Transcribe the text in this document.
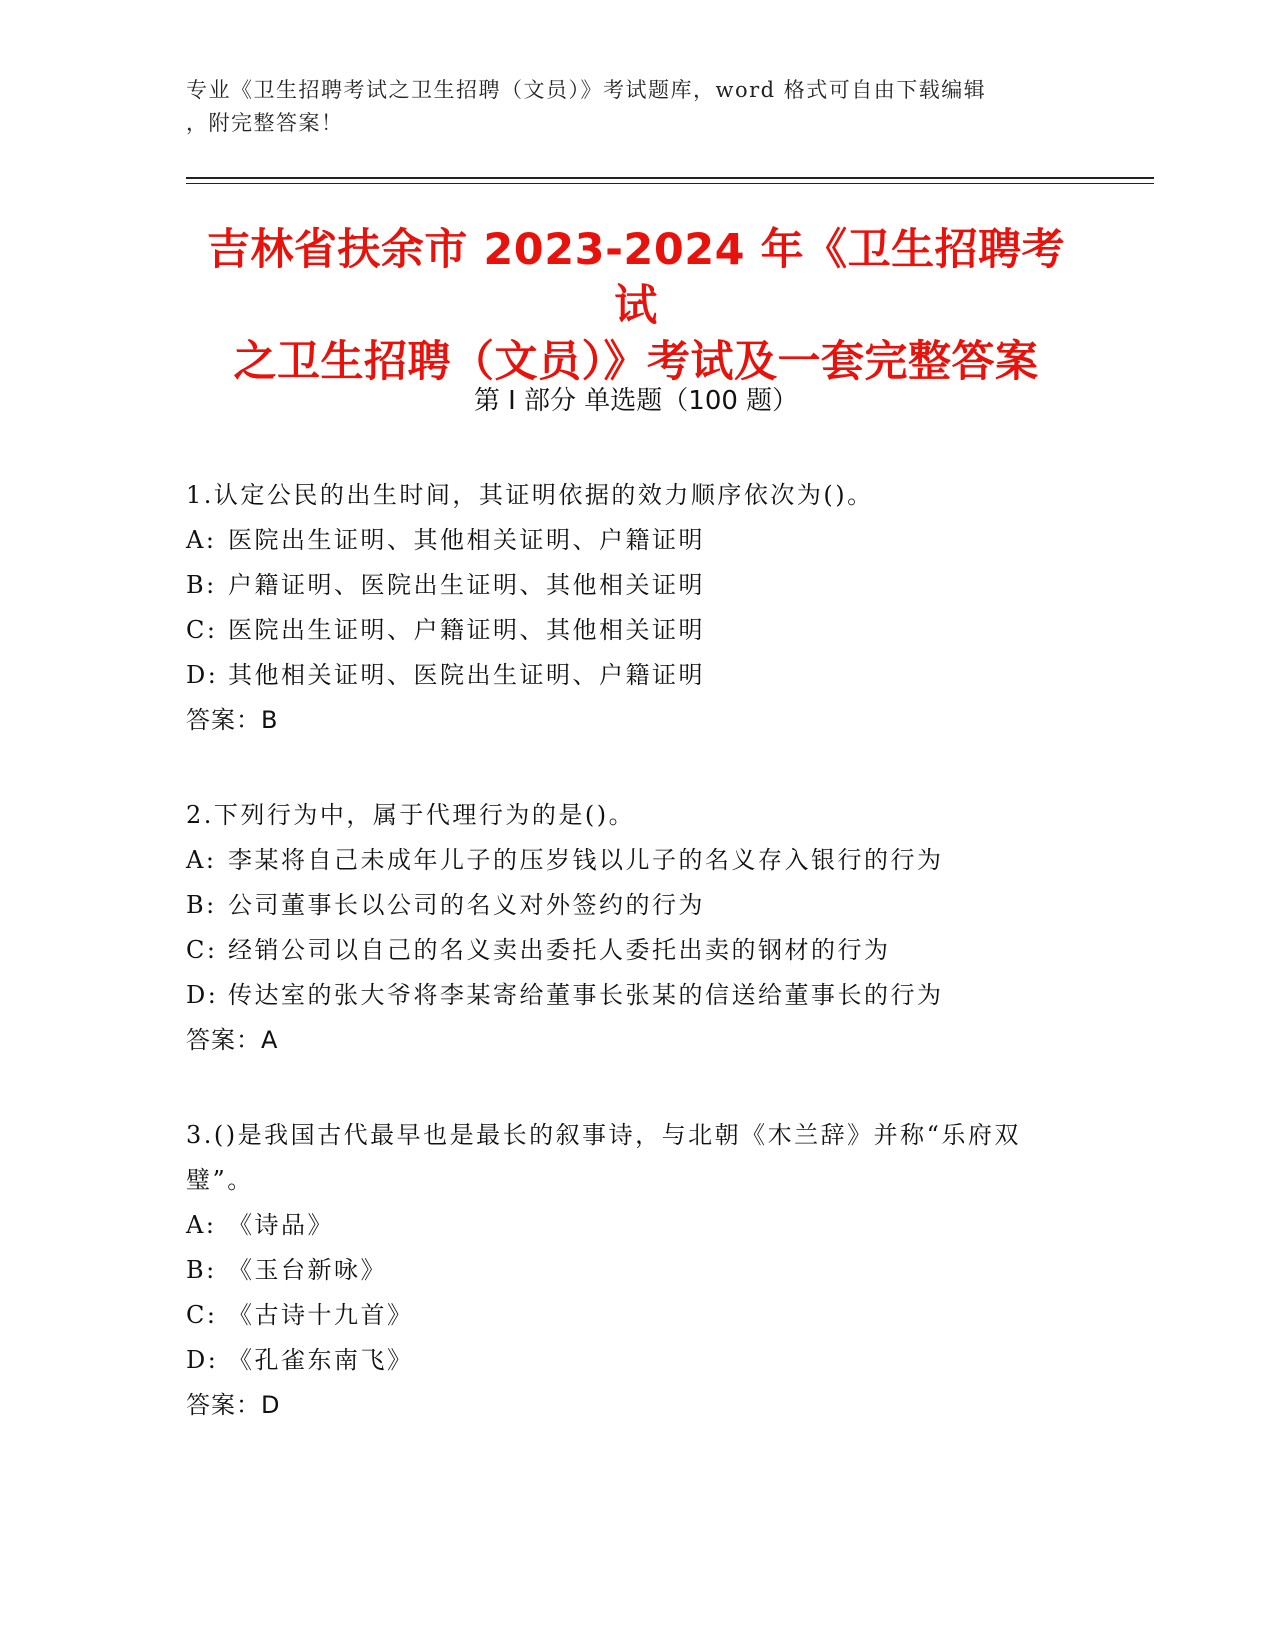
专业《卫生招聘考试之卫生招聘（文员）》考试题库，word 格式可自由下载编辑
，附完整答案！
吉林省扶余市 2023-2024 年《卫生招聘考试
之卫生招聘（文员）》考试及一套完整答案
第 I 部分 单选题（100 题）
1.认定公民的出生时间，其证明依据的效力顺序依次为()。
A: 医院出生证明、其他相关证明、户籍证明
B: 户籍证明、医院出生证明、其他相关证明
C: 医院出生证明、户籍证明、其他相关证明
D: 其他相关证明、医院出生证明、户籍证明
答案：B
2.下列行为中，属于代理行为的是()。
A: 李某将自己未成年儿子的压岁钱以儿子的名义存入银行的行为
B: 公司董事长以公司的名义对外签约的行为
C: 经销公司以自己的名义卖出委托人委托出卖的钢材的行为
D: 传达室的张大爷将李某寄给董事长张某的信送给董事长的行为
答案：A
3.()是我国古代最早也是最长的叙事诗，与北朝《木兰辞》并称“乐府双璧”。
A: 《诗品》
B: 《玉台新咏》
C: 《古诗十九首》
D: 《孔雀东南飞》
答案：D
